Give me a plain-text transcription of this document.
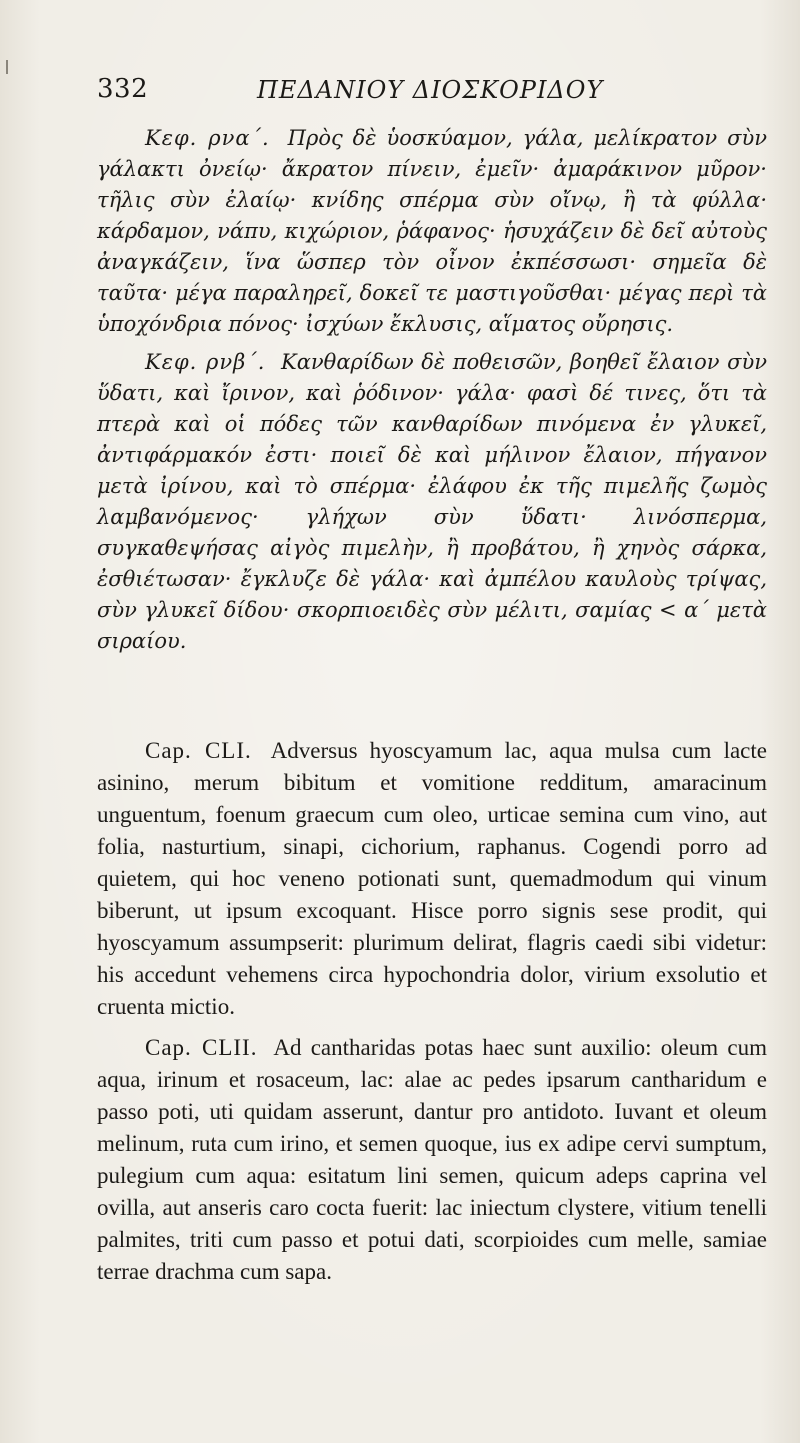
332	ΠΕΔΑΝΙΟΥ ΔΙΟΣΚΟΡΙΔΟΥ

Κεφ. ρνα΄. Πρὸς δὲ ὑοσκύαμον, γάλα, μελίκρατον σὺν γάλακτι ὀνείῳ· ἄκρατον πίνειν, ἐμεῖν· ἀμαράκινον μῦρον· τῆλις σὺν ἐλαίῳ· κνίδης σπέρμα σὺν οἴνῳ, ἢ τὰ φύλλα· κάρδαμον, νάπυ, κιχώριον, ῥάφανος· ἡσυχάζειν δὲ δεῖ αὐτοὺς ἀναγκάζειν, ἵνα ὥσπερ τὸν οἶνον ἐκπέσσωσι· σημεῖα δὲ ταῦτα· μέγα παραληρεῖ, δοκεῖ τε μαστιγοῦσθαι· μέγας περὶ τὰ ὑποχόνδρια πόνος· ἰσχύων ἔκλυσις, αἵματος οὔρησις.

Κεφ. ρνβ΄. Κανθαρίδων δὲ ποθεισῶν, βοηθεῖ ἔλαιον σὺν ὕδατι, καὶ ἴρινον, καὶ ῥόδινον· γάλα· φασὶ δέ τινες, ὅτι τὰ πτερὰ καὶ οἱ πόδες τῶν κανθαρίδων πινόμενα ἐν γλυκεῖ, ἀντιφάρμακόν ἐστι· ποιεῖ δὲ καὶ μήλινον ἔλαιον, πήγανον μετὰ ἰρίνου, καὶ τὸ σπέρμα· ἐλάφου ἐκ τῆς πιμελῆς ζωμὸς λαμβανόμενος· γλήχων σὺν ὕδατι· λινόσπερμα, συγκαθεψήσας αἰγὸς πιμελὴν, ἢ προβάτου, ἢ χηνὸς σάρκα, ἐσθιέτωσαν· ἔγκλυζε δὲ γάλα· καὶ ἀμπέλου καυλοὺς τρίψας, σὺν γλυκεῖ δίδου· σκορπιοειδὲς σὺν μέλιτι, σαμίας < α΄ μετὰ σιραίου.

Cap. CLI. Adversus hyoscyamum lac, aqua mulsa cum lacte asinino, merum bibitum et vomitione redditum, amaracinum unguentum, foenum graecum cum oleo, urticae semina cum vino, aut folia, nasturtium, sinapi, cichorium, raphanus. Cogendi porro ad quietem, qui hoc veneno potionati sunt, quemadmodum qui vinum biberunt, ut ipsum excoquant. Hisce porro signis sese prodit, qui hyoscyamum assumpserit: plurimum delirat, flagris caedi sibi videtur: his accedunt vehemens circa hypochondria dolor, virium exsolutio et cruenta mictio.

Cap. CLII. Ad cantharidas potas haec sunt auxilio: oleum cum aqua, irinum et rosaceum, lac: alae ac pedes ipsarum cantharidum e passo poti, uti quidam asserunt, dantur pro antidoto. Iuvant et oleum melinum, ruta cum irino, et semen quoque, ius ex adipe cervi sumptum, pulegium cum aqua: esitatum lini semen, quicum adeps caprina vel ovilla, aut anseris caro cocta fuerit: lac iniectum clystere, vitium tenelli palmites, triti cum passo et potui dati, scorpioides cum melle, samiae terrae drachma cum sapa.
